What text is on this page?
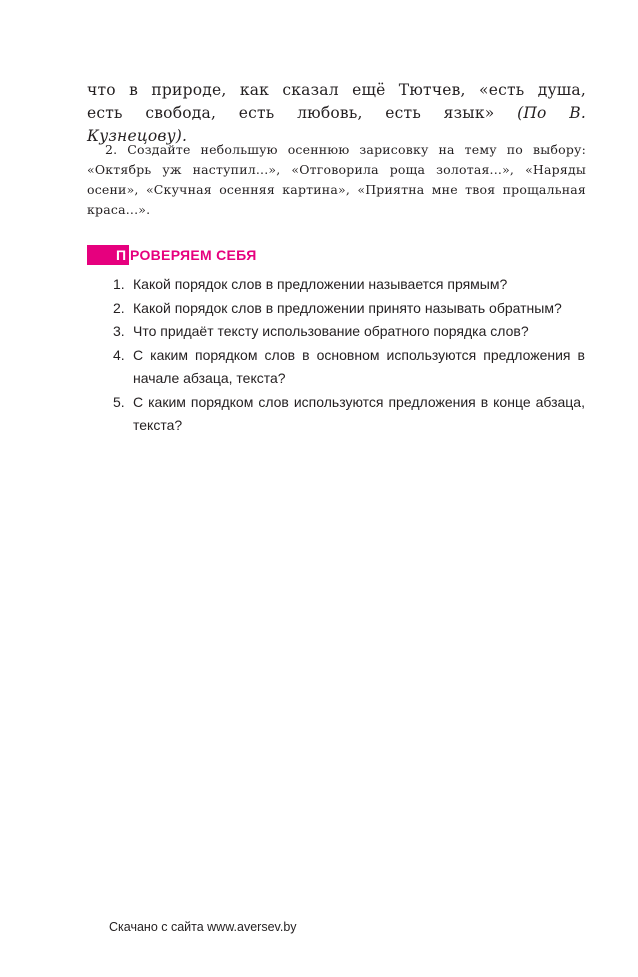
что в природе, как сказал ещё Тютчев, «есть душа, есть свобода, есть любовь, есть язык» (По В. Кузнецову).
2. Создайте небольшую осеннюю зарисовку на тему по выбору: «Октябрь уж наступил...», «Отговорила роща золотая...», «Наряды осени», «Скучная осенняя картина», «Приятна мне твоя прощальная краса...».
П РОВЕРЯЕМ СЕБЯ
1. Какой порядок слов в предложении называется прямым?
2. Какой порядок слов в предложении принято называть обратным?
3. Что придаёт тексту использование обратного порядка слов?
4. С каким порядком слов в основном используются предложения в начале абзаца, текста?
5. С каким порядком слов используются предложения в конце абзаца, текста?
Скачано с сайта www.aversev.by
